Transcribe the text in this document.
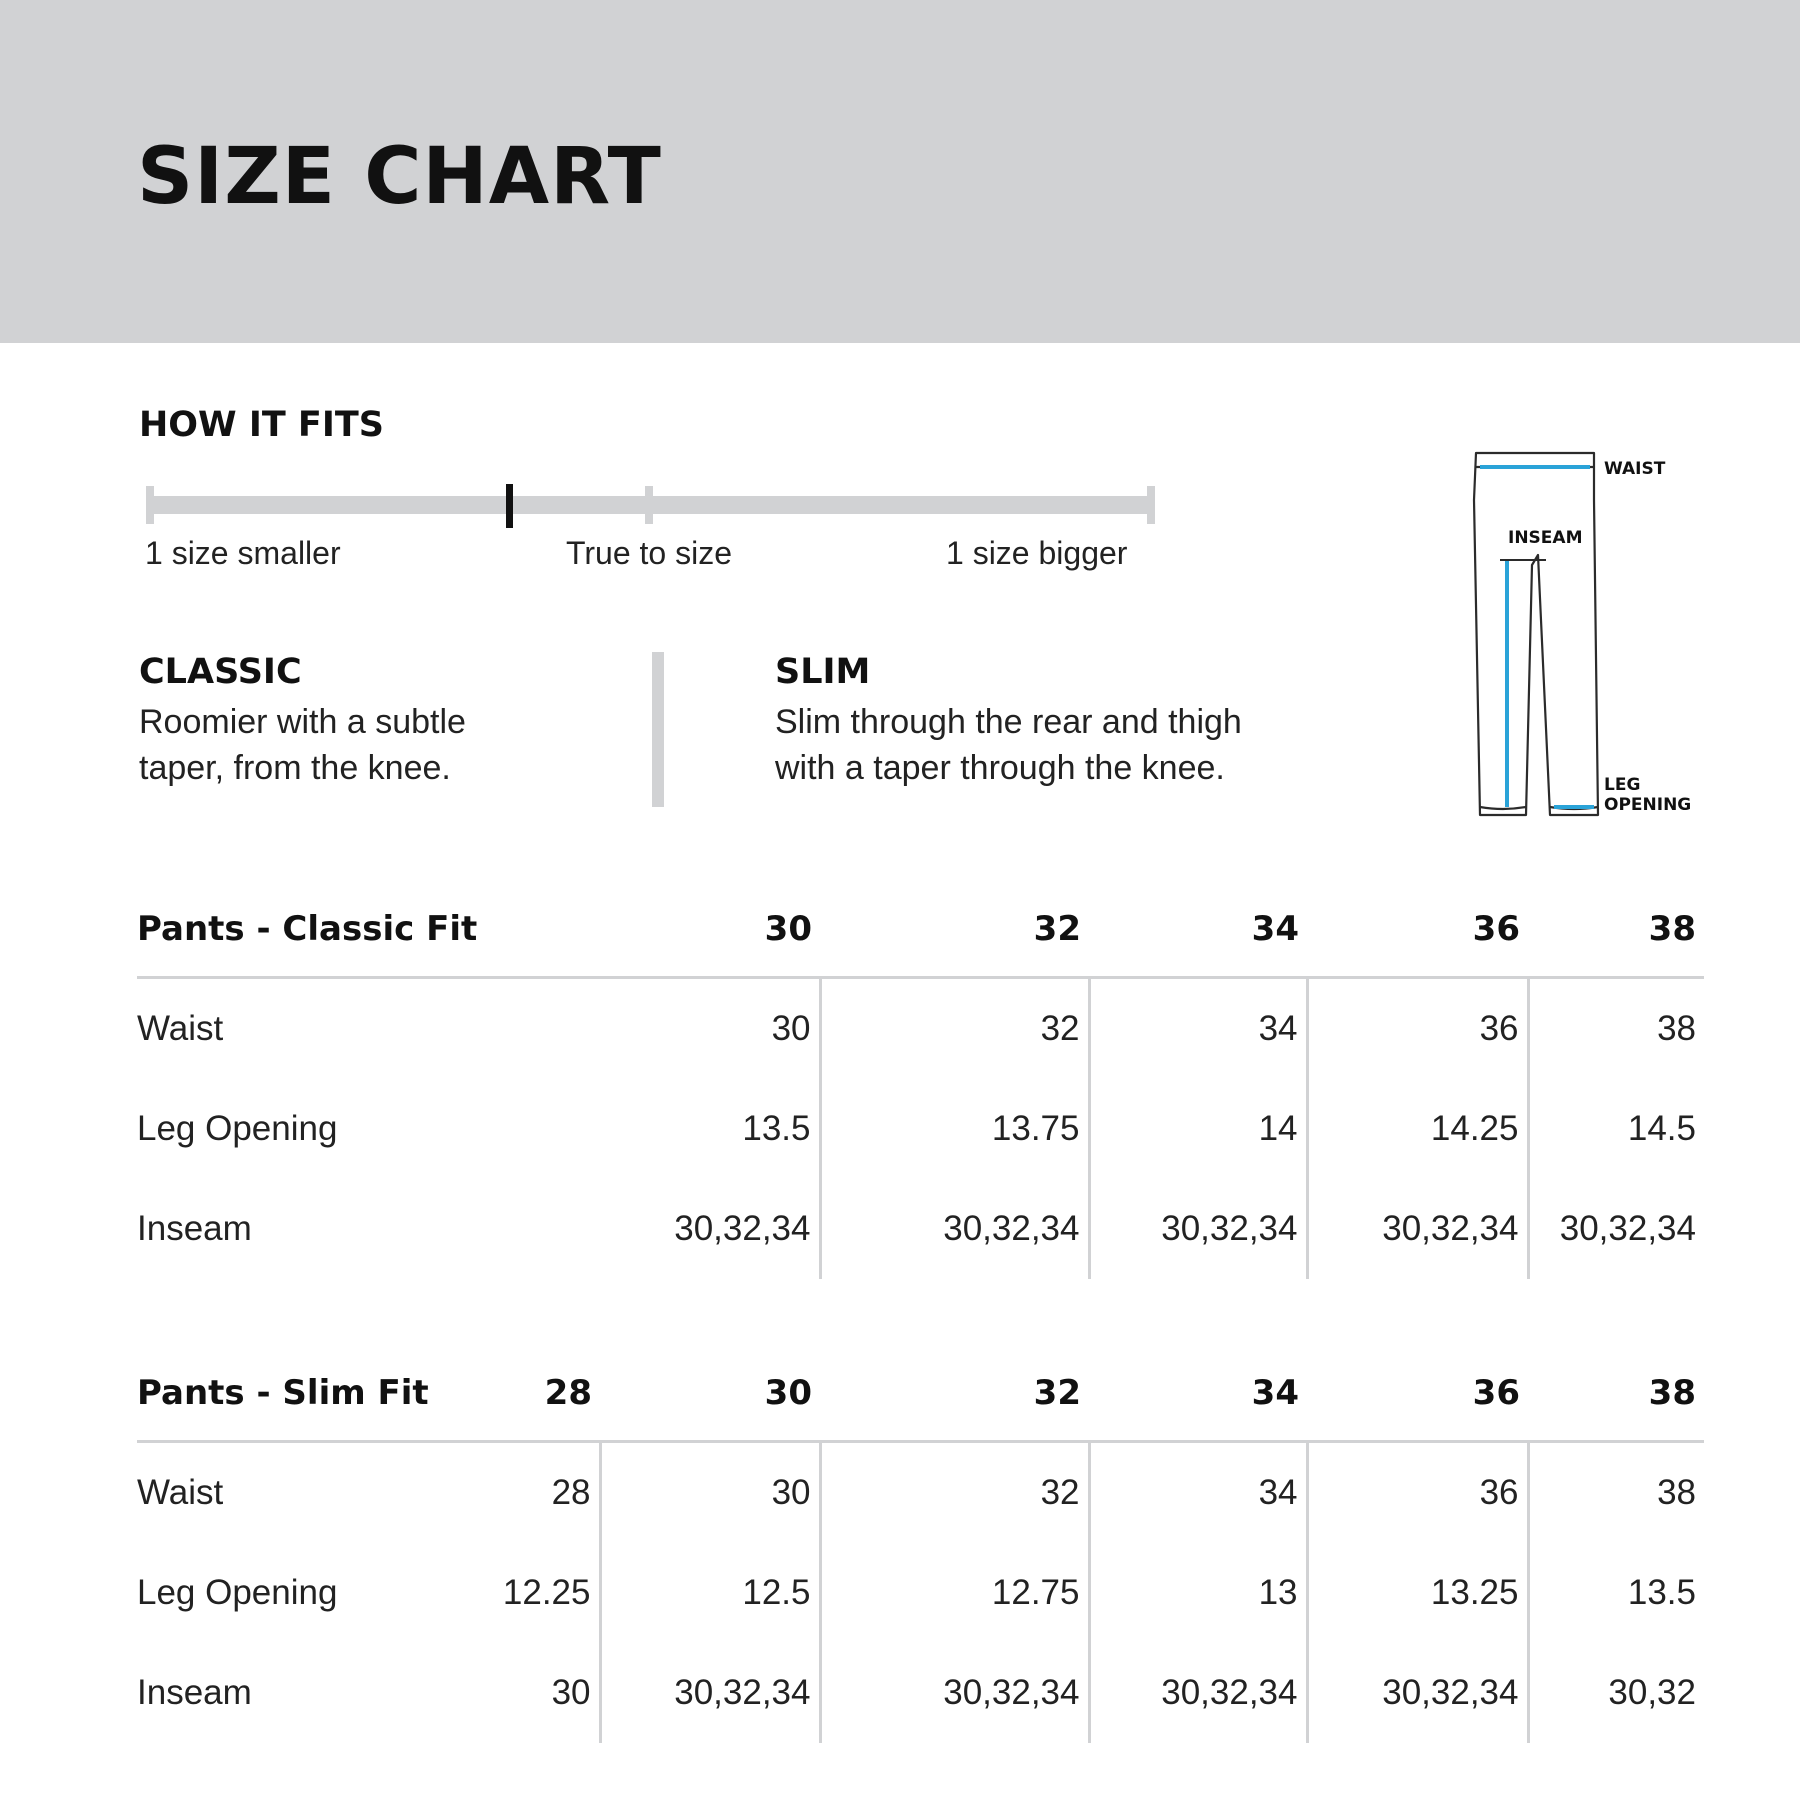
SIZE CHART
HOW IT FITS
1 size smaller	True to size	1 size bigger
CLASSIC

Roomier with a subtle
taper, from the knee.

SLIM

Slim through the rear and thigh
with a taper through the knee.

WAIST
INSEAM
LEG
OPENING
Pants - Classic Fit	30	32	34	36	38
Waist	30	32	34	36	38
Leg Opening	13.5	13.75	14	14.25	14.5
Inseam	30,32,34	30,32,34	30,32,34	30,32,34	30,32,34
Pants - Slim Fit	28	30	32	34	36	38
Waist	28	30	32	34	36	38
Leg Opening	12.25	12.5	12.75	13	13.25	13.5
Inseam	30	30,32,34	30,32,34	30,32,34	30,32,34	30,32
